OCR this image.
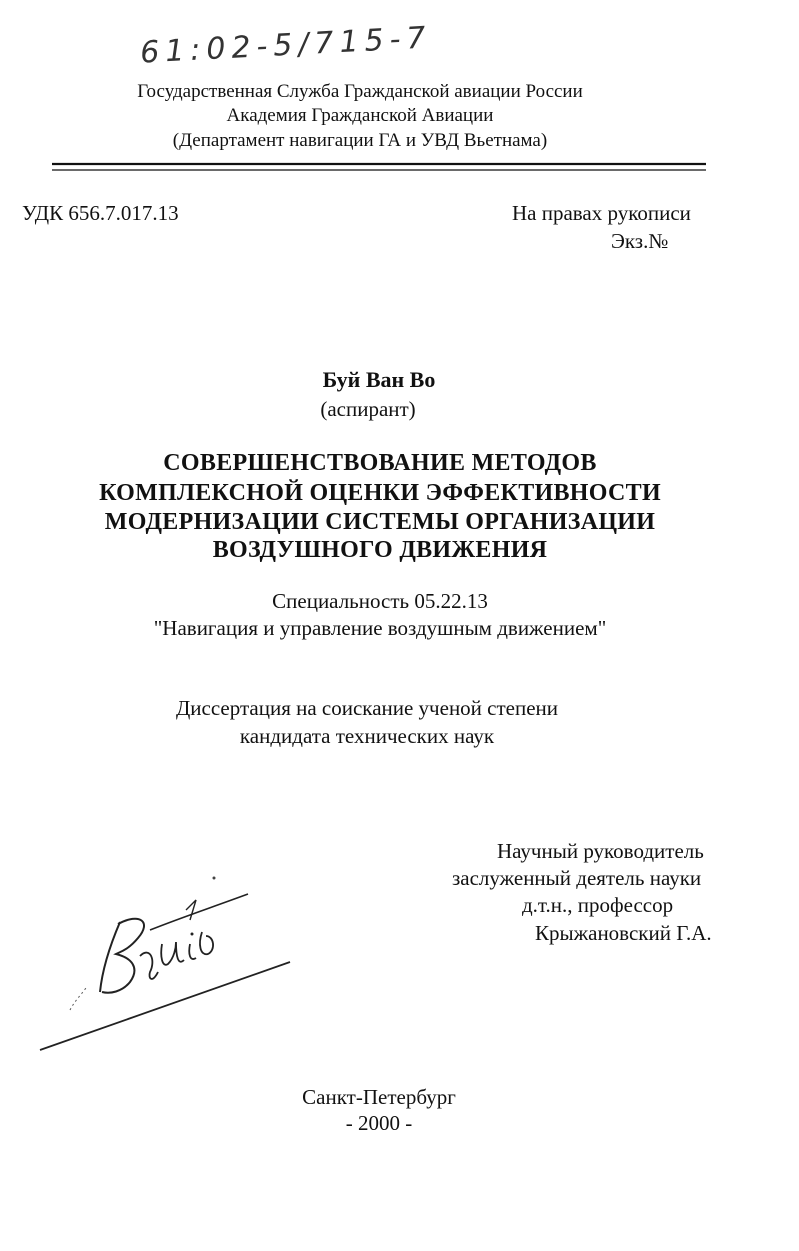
61:02-5/715-7
Государственная Служба Гражданской авиации России
Академия Гражданской Авиации
(Департамент навигации ГА и УВД Вьетнама)
УДК 656.7.017.13	На правах рукописи
Экз.№
Буй Ван Во
(аспирант)
СОВЕРШЕНСТВОВАНИЕ МЕТОДОВ
КОМПЛЕКСНОЙ ОЦЕНКИ ЭФФЕКТИВНОСТИ
МОДЕРНИЗАЦИИ СИСТЕМЫ ОРГАНИЗАЦИИ
ВОЗДУШНОГО ДВИЖЕНИЯ
Специальность 05.22.13
"Навигация и управление воздушным движением"
Диссертация на соискание ученой степени
кандидата технических наук
Научный руководитель
заслуженный деятель науки
д.т.н., профессор
Крыжановский Г.А.
Санкт-Петербург
- 2000 -
